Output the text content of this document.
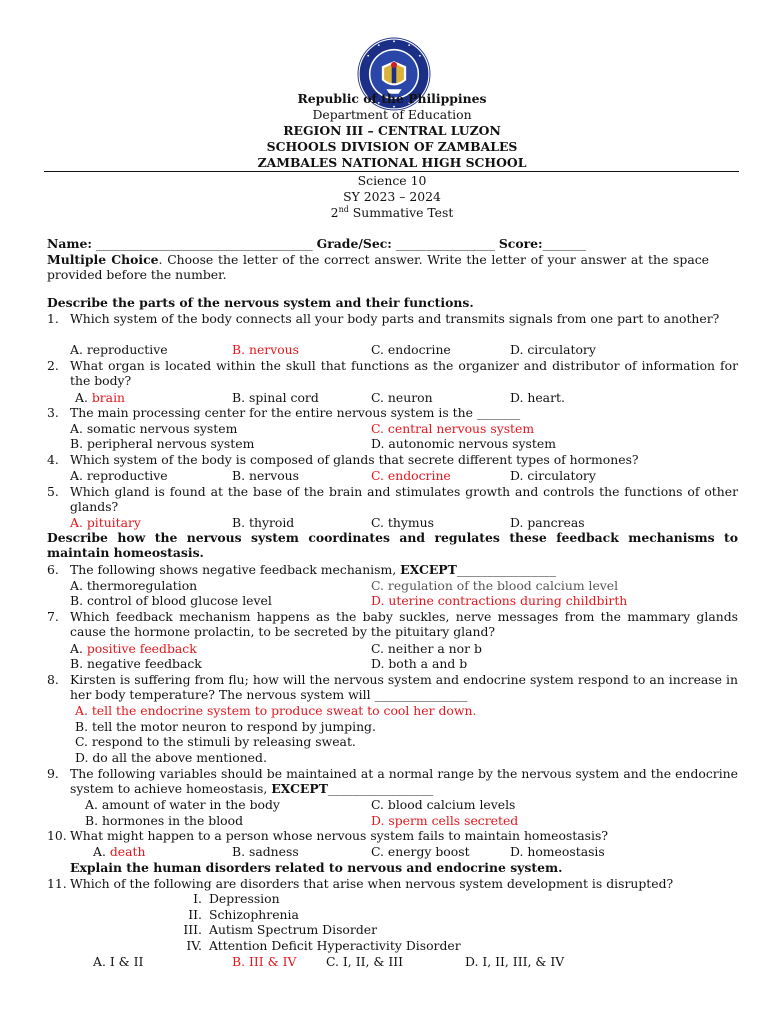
Republic of the Philippines
Department of Education
REGION III – CENTRAL LUZON
SCHOOLS DIVISION OF ZAMBALES
ZAMBALES NATIONAL HIGH SCHOOL
Science 10
SY 2023 – 2024
2nd Summative Test
Name: ___________________________________ Grade/Sec: ________________ Score:_______
Multiple Choice. Choose the letter of the correct answer. Write the letter of your answer at the space provided before the number.
Describe the parts of the nervous system and their functions.
1. Which system of the body connects all your body parts and transmits signals from one part to another?
A. reproductive	B. nervous	C. endocrine	D. circulatory
2. What organ is located within the skull that functions as the organizer and distributor of information for the body?
A. brain	B. spinal cord	C. neuron	D. heart.
3. The main processing center for the entire nervous system is the _______
A. somatic nervous system	C. central nervous system
B. peripheral nervous system	D. autonomic nervous system
4. Which system of the body is composed of glands that secrete different types of hormones?
A. reproductive	B. nervous	C. endocrine	D. circulatory
5. Which gland is found at the base of the brain and stimulates growth and controls the functions of other glands?
A. pituitary	B. thyroid	C. thymus	D. pancreas
Describe how the nervous system coordinates and regulates these feedback mechanisms to maintain homeostasis.
6. The following shows negative feedback mechanism, EXCEPT________________
A. thermoregulation	C. regulation of the blood calcium level
B. control of blood glucose level	D. uterine contractions during childbirth
7. Which feedback mechanism happens as the baby suckles, nerve messages from the mammary glands cause the hormone prolactin, to be secreted by the pituitary gland?
A. positive feedback	C. neither a nor b
B. negative feedback	D. both a and b
8. Kirsten is suffering from flu; how will the nervous system and endocrine system respond to an increase in her body temperature? The nervous system will _______________
A. tell the endocrine system to produce sweat to cool her down.
B. tell the motor neuron to respond by jumping.
C. respond to the stimuli by releasing sweat.
D. do all the above mentioned.
9. The following variables should be maintained at a normal range by the nervous system and the endocrine system to achieve homeostasis, EXCEPT_________________
A. amount of water in the body	C. blood calcium levels
B. hormones in the blood	D. sperm cells secreted
10. What might happen to a person whose nervous system fails to maintain homeostasis?
A. death	B. sadness	C. energy boost	D. homeostasis
Explain the human disorders related to nervous and endocrine system.
11. Which of the following are disorders that arise when nervous system development is disrupted?
I. Depression
II. Schizophrenia
III. Autism Spectrum Disorder
IV. Attention Deficit Hyperactivity Disorder
A. I & II	B. III & IV C. I, II, & III	D. I, II, III, & IV
